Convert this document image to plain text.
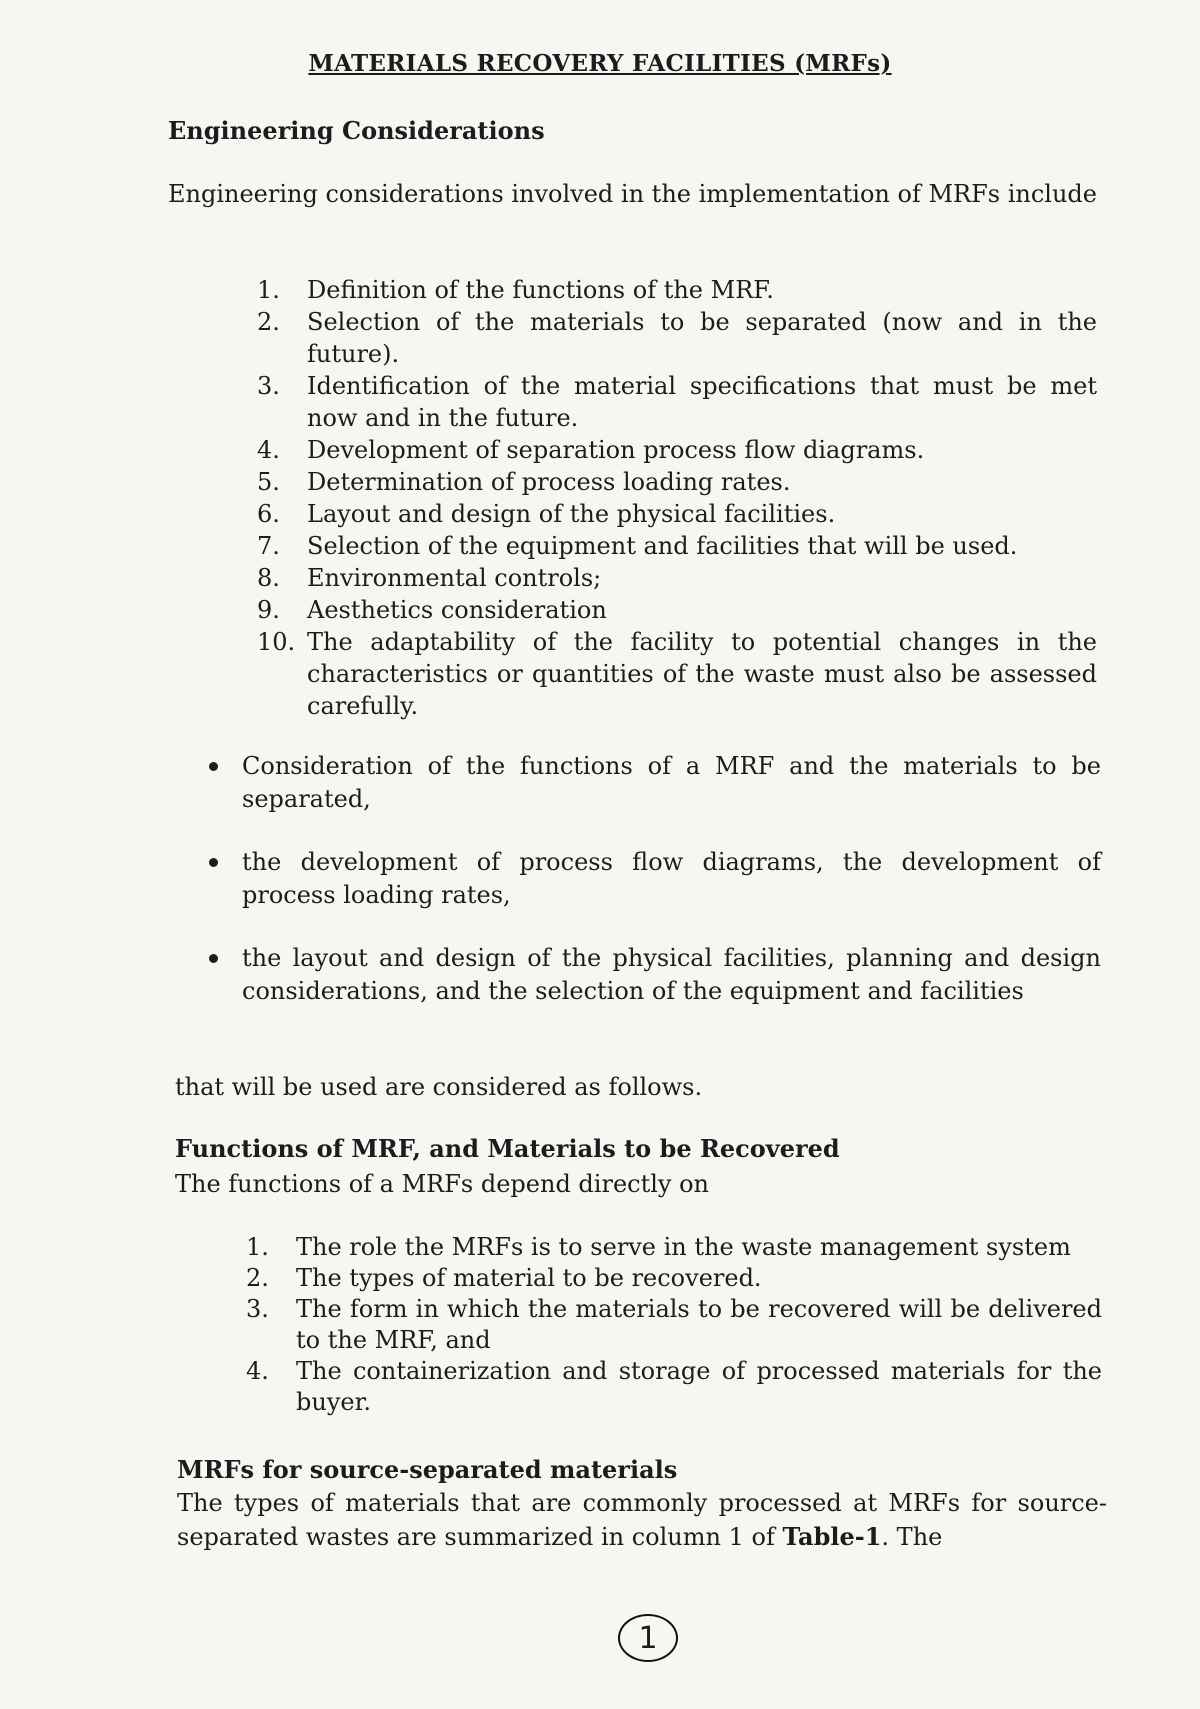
MATERIALS RECOVERY FACILITIES (MRFs)
Engineering Considerations

Engineering considerations involved in the implementation of MRFs include

1. Definition of the functions of the MRF.
2. Selection of the materials to be separated (now and in the future).
3. Identification of the material specifications that must be met now and in the future.
4. Development of separation process flow diagrams.
5. Determination of process loading rates.
6. Layout and design of the physical facilities.
7. Selection of the equipment and facilities that will be used.
8. Environmental controls;
9. Aesthetics consideration
10. The adaptability of the facility to potential changes in the characteristics or quantities of the waste must also be assessed carefully.
Consideration of the functions of a MRF and the materials to be separated,
the development of process flow diagrams, the development of process loading rates,
the layout and design of the physical facilities, planning and design considerations, and the selection of the equipment and facilities

that will be used are considered as follows.

Functions of MRF, and Materials to be Recovered

The functions of a MRFs depend directly on

1. The role the MRFs is to serve in the waste management system
2. The types of material to be recovered.
3. The form in which the materials to be recovered will be delivered to the MRF, and
4. The containerization and storage of processed materials for the buyer.
MRFs for source-separated materials

The types of materials that are commonly processed at MRFs for source-separated wastes are summarized in column 1 of Table-1. The

1
